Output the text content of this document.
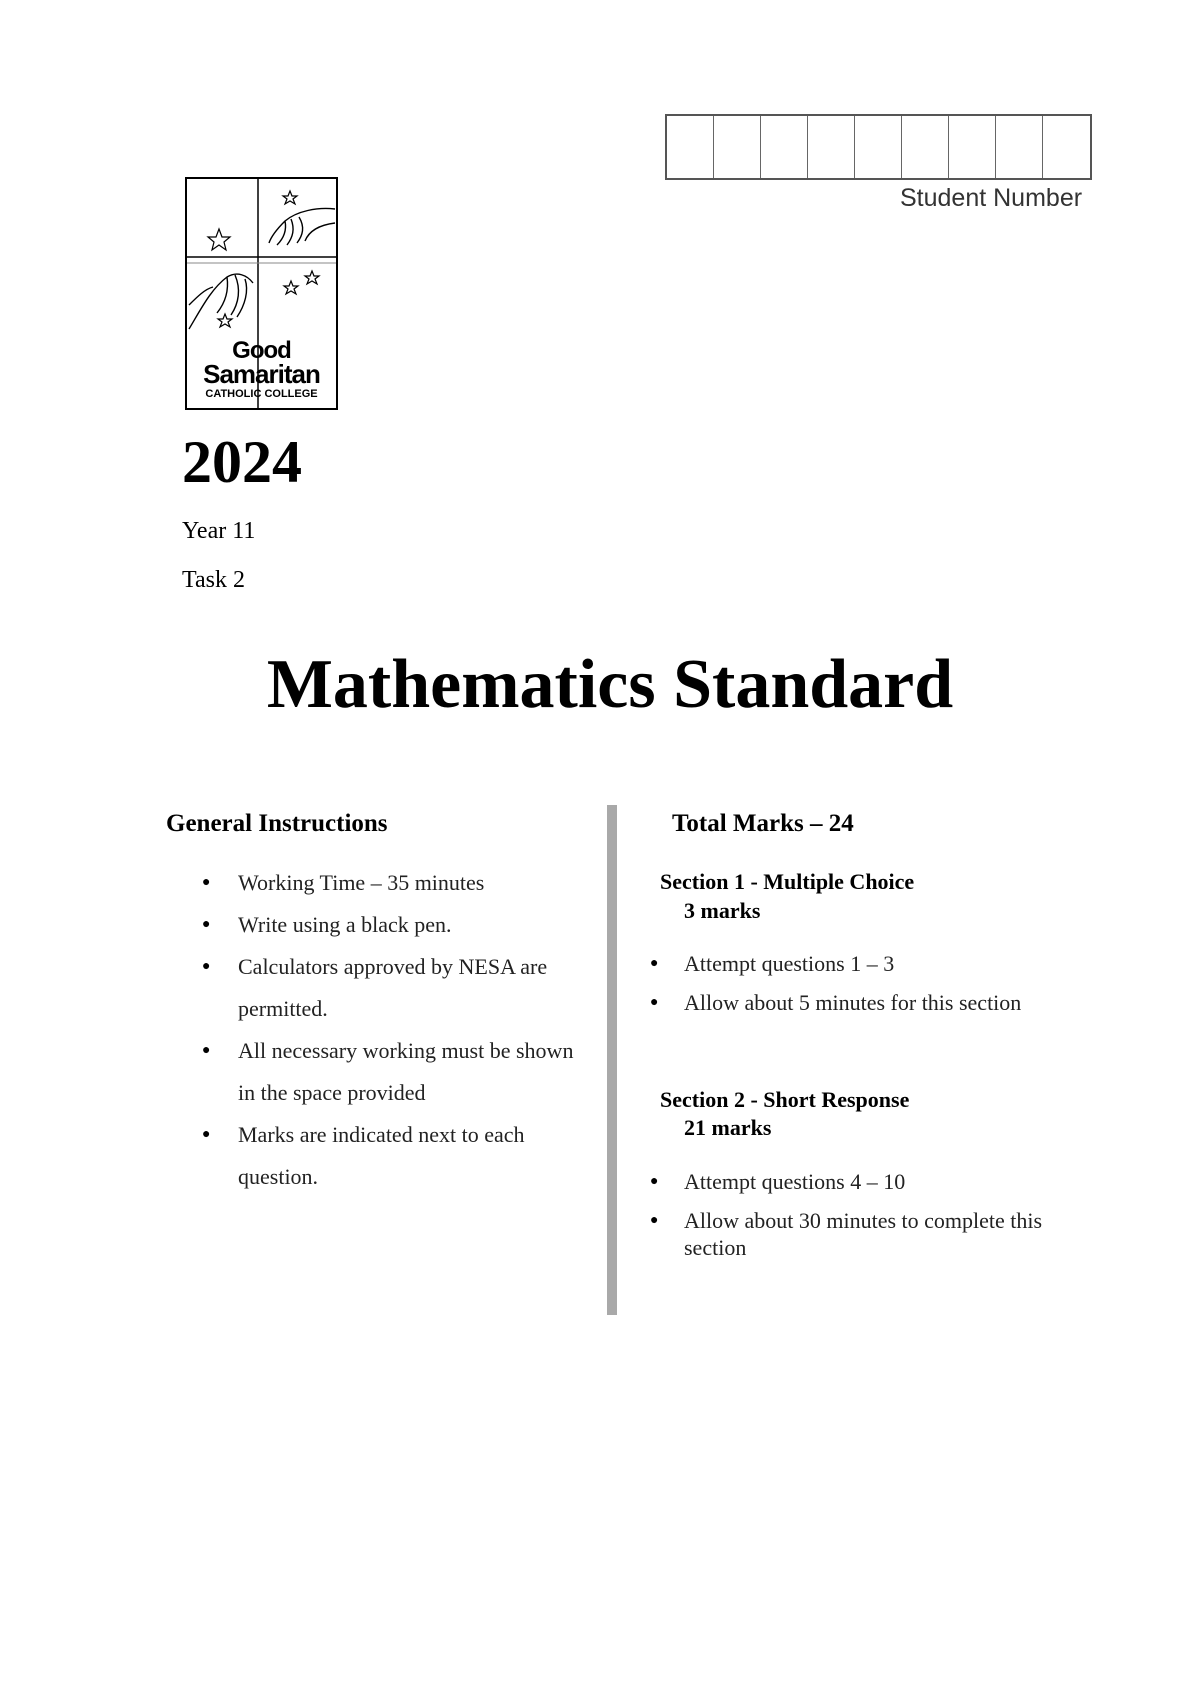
Student Number
Good
Samaritan
CATHOLIC COLLEGE
2024
Year 11
Task 2
Mathematics Standard
General Instructions
● Working Time – 35 minutes
● Write using a black pen.
● Calculators approved by NESA are permitted.
● All necessary working must be shown in the space provided
● Marks are indicated next to each question.
Total Marks – 24
Section 1 - Multiple Choice
3 marks
● Attempt questions 1 – 3
● Allow about 5 minutes for this section
Section 2 - Short Response
21 marks
● Attempt questions 4 – 10
● Allow about 30 minutes to complete this section
